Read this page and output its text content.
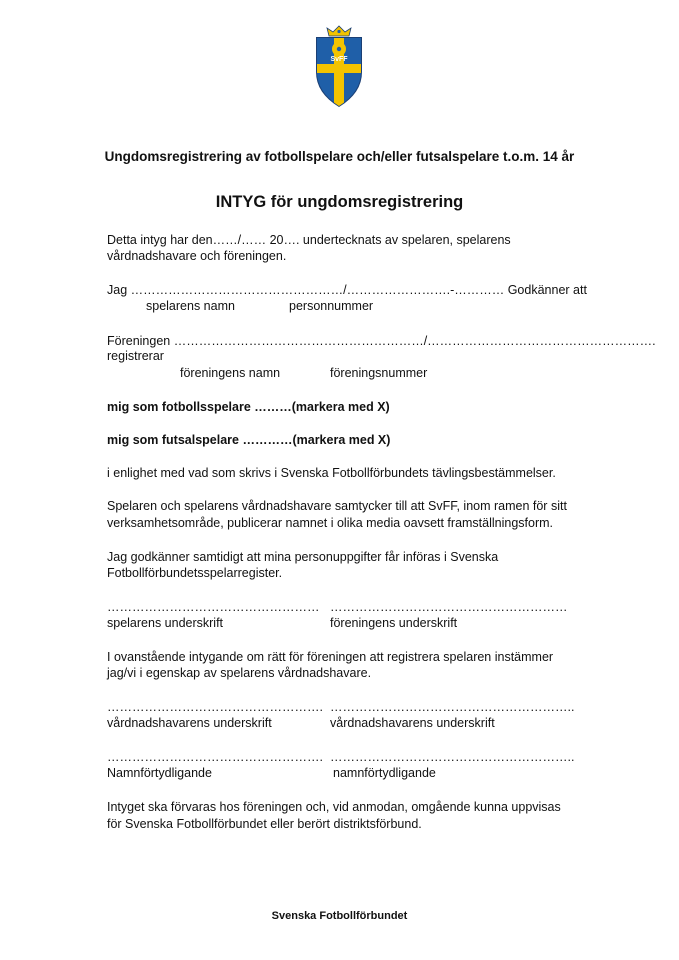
SvFF
Ungdomsregistrering av fotbollspelare och/eller futsalspelare t.o.m. 14 år
INTYG för ungdomsregistrering
Detta intyg har den……/…… 20…. undertecknats av spelaren, spelarens
vårdnadshavare och föreningen.
Jag ……………………………………………/…………………….-………… Godkänner att
spelarens namn	personnummer
Föreningen ……………………………………………………/……………………………………………….
registrerar
föreningens namn	föreningsnummer
mig som fotbollsspelare ………(markera med X)
mig som futsalspelare …………(markera med X)
i enlighet med vad som skrivs i Svenska Fotbollförbundets tävlingsbestämmelser.
Spelaren och spelarens vårdnadshavare samtycker till att SvFF, inom ramen för sitt
verksamhetsområde, publicerar namnet i olika media oavsett framställningsform.
Jag godkänner samtidigt att mina personuppgifter får införas i Svenska
Fotbollförbundetsspelarregister.
…………………………………………… …………………………………………………
spelarens underskrift	föreningens underskrift
I ovanstående intygande om rätt för föreningen att registrera spelaren instämmer
jag/vi i egenskap av spelarens vårdnadshavare.
……………………………………………. …………………………………………………..
vårdnadshavarens underskrift	vårdnadshavarens underskrift
……………………………………………. …………………………………………………..
Namnförtydligande	namnförtydligande
Intyget ska förvaras hos föreningen och, vid anmodan, omgående kunna uppvisas
för Svenska Fotbollförbundet eller berört distriktsförbund.
Svenska Fotbollförbundet
